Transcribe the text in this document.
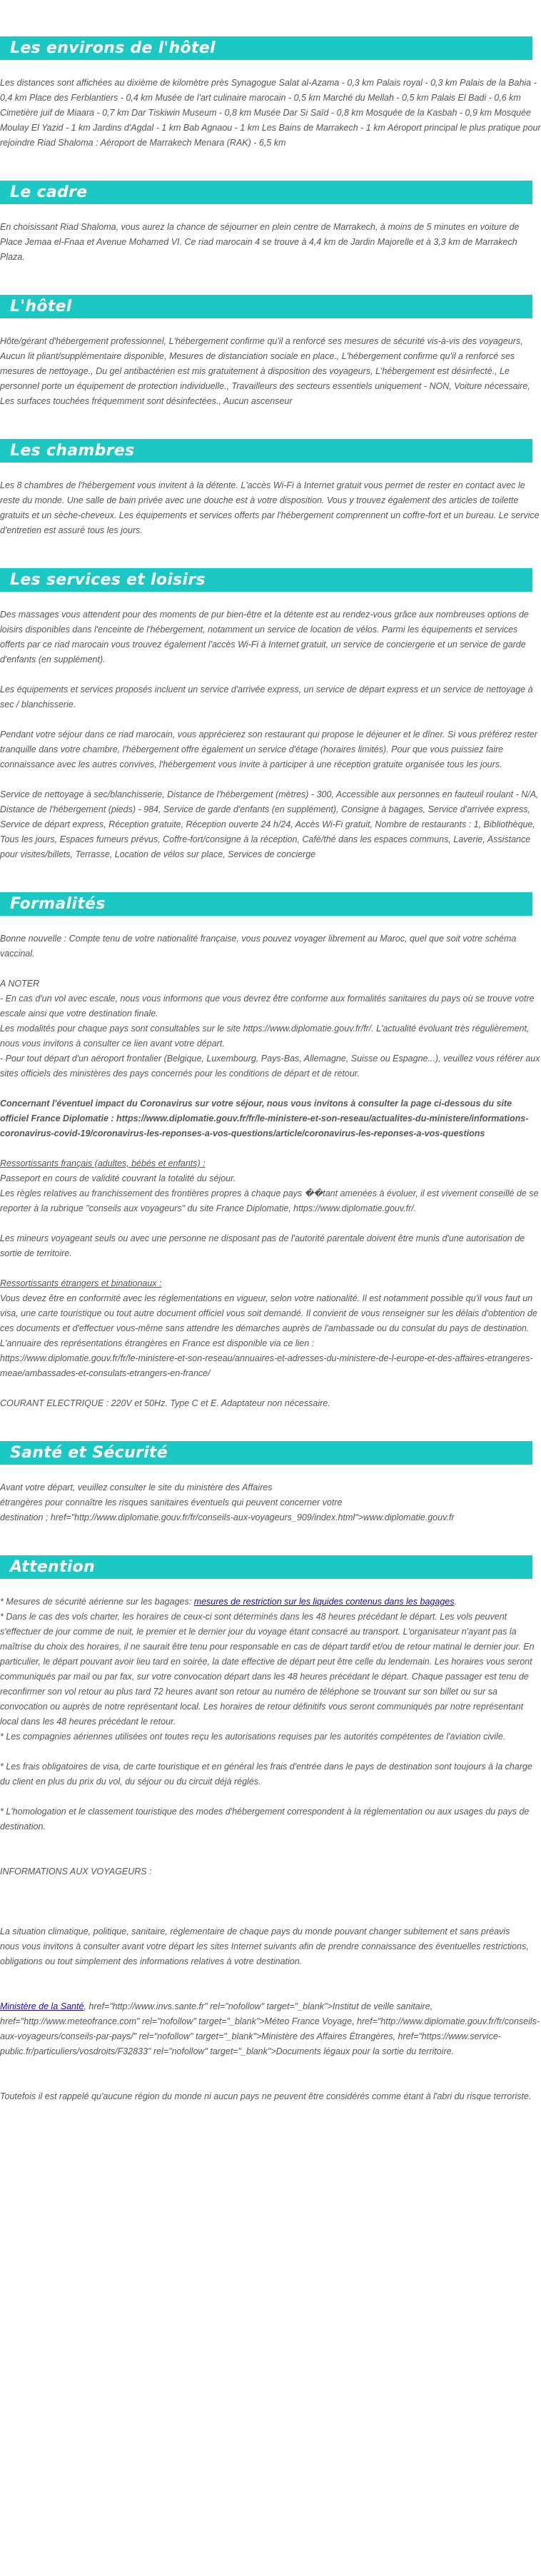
Les environs de l'hôtel

Les distances sont affichées au dixième de kilomètre près Synagogue Salat al-Azama - 0,3 km Palais royal - 0,3 km Palais de la Bahia - 0,4 km Place des Ferblantiers - 0,4 km Musée de l'art culinaire marocain - 0,5 km Marché du Mellah - 0,5 km Palais El Badi - 0,6 km Cimetière juif de Miaara - 0,7 km Dar Tiskiwin Museum - 0,8 km Musée Dar Si Saïd - 0,8 km Mosquée de la Kasbah - 0,9 km Mosquée Moulay El Yazid - 1 km Jardins d'Agdal - 1 km Bab Agnaou - 1 km Les Bains de Marrakech - 1 km Aéroport principal le plus pratique pour rejoindre Riad Shaloma : Aéroport de Marrakech Menara (RAK) - 6,5 km

Le cadre

En choisissant Riad Shaloma, vous aurez la chance de séjourner en plein centre de Marrakech, à moins de 5 minutes en voiture de Place Jemaa el-Fnaa et Avenue Mohamed VI. Ce riad marocain 4 se trouve à 4,4 km de Jardin Majorelle et à 3,3 km de Marrakech Plaza.

L'hôtel

Hôte/gérant d'hébergement professionnel, L'hébergement confirme qu'il a renforcé ses mesures de sécurité vis-à-vis des voyageurs, Aucun lit pliant/supplémentaire disponible, Mesures de distanciation sociale en place., L'hébergement confirme qu'il a renforcé ses mesures de nettoyage., Du gel antibactérien est mis gratuitement à disposition des voyageurs, L'hébergement est désinfecté., Le personnel porte un équipement de protection individuelle., Travailleurs des secteurs essentiels uniquement - NON, Voiture nécessaire, Les surfaces touchées fréquemment sont désinfectées., Aucun ascenseur

Les chambres

Les 8 chambres de l'hébergement vous invitent à la détente. L'accès Wi-Fi à Internet gratuit vous permet de rester en contact avec le reste du monde. Une salle de bain privée avec une douche est à votre disposition. Vous y trouvez également des articles de toilette gratuits et un sèche-cheveux. Les équipements et services offerts par l'hébergement comprennent un coffre-fort et un bureau. Le service d'entretien est assuré tous les jours.

Les services et loisirs

Des massages vous attendent pour des moments de pur bien-être et la détente est au rendez-vous grâce aux nombreuses options de loisirs disponibles dans l'enceinte de l'hébergement, notamment un service de location de vélos. Parmi les équipements et services offerts par ce riad marocain vous trouvez également l'accès Wi-Fi à Internet gratuit, un service de conciergerie et un service de garde d'enfants (en supplément).

Les équipements et services proposés incluent un service d'arrivée express, un service de départ express et un service de nettoyage à sec / blanchisserie.

Pendant votre séjour dans ce riad marocain, vous apprécierez son restaurant qui propose le déjeuner et le dîner. Si vous préférez rester tranquille dans votre chambre, l'hébergement offre également un service d'étage (horaires limités). Pour que vous puissiez faire connaissance avec les autres convives, l'hébergement vous invite à participer à une réception gratuite organisée tous les jours.

Service de nettoyage à sec/blanchisserie, Distance de l'hébergement (mètres) - 300, Accessible aux personnes en fauteuil roulant - N/A, Distance de l'hébergement (pieds) - 984, Service de garde d'enfants (en supplément), Consigne à bagages, Service d'arrivée express, Service de départ express, Réception gratuite, Réception ouverte 24 h/24, Accès Wi-Fi gratuit, Nombre de restaurants : 1, Bibliothèque, Tous les jours, Espaces fumeurs prévus, Coffre-fort/consigne à la réception, Café/thé dans les espaces communs, Laverie, Assistance pour visites/billets, Terrasse, Location de vélos sur place, Services de concierge

Formalités

Bonne nouvelle : Compte tenu de votre nationalité française, vous pouvez voyager librement au Maroc, quel que soit votre schéma vaccinal.

A NOTER
- En cas d'un vol avec escale, nous vous informons que vous devrez être conforme aux formalités sanitaires du pays où se trouve votre escale ainsi que votre destination finale.
Les modalités pour chaque pays sont consultables sur le site https://www.diplomatie.gouv.fr/fr/. L'actualité évoluant très régulièrement, nous vous invitons à consulter ce lien avant votre départ.
- Pour tout départ d'un aéroport frontalier (Belgique, Luxembourg, Pays-Bas, Allemagne, Suisse ou Espagne...), veuillez vous référer aux sites officiels des ministères des pays concernés pour les conditions de départ et de retour.

Concernant l'éventuel impact du Coronavirus sur votre séjour, nous vous invitons à consulter la page ci-dessous du site officiel France Diplomatie : https://www.diplomatie.gouv.fr/fr/le-ministere-et-son-reseau/actualites-du-ministere/informations-coronavirus-covid-19/coronavirus-les-reponses-a-vos-questions/article/coronavirus-les-reponses-a-vos-questions

Ressortissants français (adultes, bébés et enfants) :
Passeport en cours de validité couvrant la totalité du séjour.
Les règles relatives au franchissement des frontières propres à chaque pays ��tant amenées à évoluer, il est vivement conseillé de se reporter à la rubrique "conseils aux voyageurs" du site France Diplomatie, https://www.diplomatie.gouv.fr/.

Les mineurs voyageant seuls ou avec une personne ne disposant pas de l'autorité parentale doivent être munis d'une autorisation de sortie de territoire.

Ressortissants étrangers et binationaux :
Vous devez être en conformité avec les réglementations en vigueur, selon votre nationalité. Il est notamment possible qu'il vous faut un visa, une carte touristique ou tout autre document officiel vous soit demandé. Il convient de vous renseigner sur les délais d'obtention de ces documents et d'effectuer vous-même sans attendre les démarches auprès de l'ambassade ou du consulat du pays de destination.
L'annuaire des représentations étrangères en France est disponible via ce lien :
https://www.diplomatie.gouv.fr/fr/le-ministere-et-son-reseau/annuaires-et-adresses-du-ministere-de-l-europe-et-des-affaires-etrangeres-meae/ambassades-et-consulats-etrangers-en-france/

COURANT ELECTRIQUE : 220V et 50Hz. Type C et E. Adaptateur non nécessaire.

Santé et Sécurité

Avant votre départ, veuillez consulter le site du ministère des Affaires
étrangères pour connaître les risques sanitaires éventuels qui peuvent concerner votre
destination ; href="http://www.diplomatie.gouv.fr/fr/conseils-aux-voyageurs_909/index.html">www.diplomatie.gouv.fr

Attention

* Mesures de sécurité aérienne sur les bagages: mesures de restriction sur les liquides contenus dans les bagages.

* Dans le cas des vols charter, les horaires de ceux-ci sont déterminés dans les 48 heures précédant le départ. Les vols peuvent s'effectuer de jour comme de nuit, le premier et le dernier jour du voyage étant consacré au transport. L'organisateur n'ayant pas la maîtrise du choix des horaires, il ne saurait être tenu pour responsable en cas de départ tardif et/ou de retour matinal le dernier jour. En particulier, le départ pouvant avoir lieu tard en soirée, la date effective de départ peut être celle du lendemain. Les horaires vous seront communiqués par mail ou par fax, sur votre convocation départ dans les 48 heures précédant le départ. Chaque passager est tenu de reconfirmer son vol retour au plus tard 72 heures avant son retour au numéro de téléphone se trouvant sur son billet ou sur sa convocation ou auprès de notre représentant local. Les horaires de retour définitifs vous seront communiqués par notre représentant local dans les 48 heures précédant le retour.

* Les compagnies aériennes utilisées ont toutes reçu les autorisations requises par les autorités compétentes de l'aviation civile.

* Les frais obligatoires de visa, de carte touristique et en général les frais d'entrée dans le pays de destination sont toujours à la charge du client en plus du prix du vol, du séjour ou du circuit déjà réglés.

* L'homologation et le classement touristique des modes d'hébergement correspondent à la réglementation ou aux usages du pays de destination.

INFORMATIONS AUX VOYAGEURS :

La situation climatique, politique, sanitaire, réglementaire de chaque pays du monde pouvant changer subitement et sans préavis
nous vous invitons à consulter avant votre départ les sites Internet suivants afin de prendre connaissance des éventuelles restrictions, obligations ou tout simplement des informations relatives à votre destination.

Ministère de la Santé, href="http://www.invs.sante.fr" rel="nofollow" target="_blank">Institut de veille sanitaire, href="http://www.meteofrance.com" rel="nofollow" target="_blank">Méteo France Voyage, href="http://www.diplomatie.gouv.fr/fr/conseils-aux-voyageurs/conseils-par-pays/" rel="nofollow" target="_blank">Ministère des Affaires Étrangères, href="https://www.service-public.fr/particuliers/vosdroits/F32833" rel="nofollow" target="_blank">Documents légaux pour la sortie du territoire.

Toutefois il est rappelé qu'aucune région du monde ni aucun pays ne peuvent être considérés comme étant à l'abri du risque terroriste.
